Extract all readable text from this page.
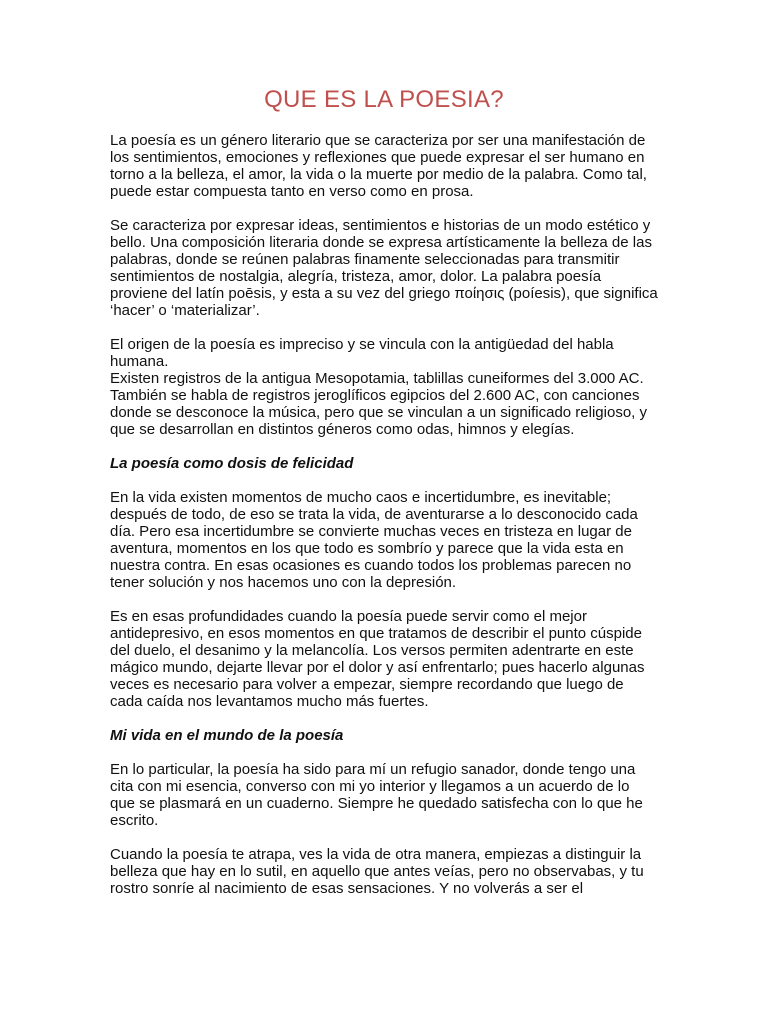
QUE ES LA POESIA?

La poesía es un género literario que se caracteriza por ser una manifestación de los sentimientos, emociones y reflexiones que puede expresar el ser humano en torno a la belleza, el amor, la vida o la muerte por medio de la palabra. Como tal, puede estar compuesta tanto en verso como en prosa.

Se caracteriza por expresar ideas, sentimientos e historias de un modo estético y bello. Una composición literaria donde se expresa artísticamente la belleza de las palabras, donde se reúnen palabras finamente seleccionadas para transmitir sentimientos de nostalgia, alegría, tristeza, amor, dolor. La palabra poesía proviene del latín poēsis, y esta a su vez del griego ποίησις (poíesis), que significa ‘hacer’ o ‘materializar’.

El origen de la poesía es impreciso y se vincula con la antigüedad del habla humana.
Existen registros de la antigua Mesopotamia, tablillas cuneiformes del 3.000 AC.
También se habla de registros jeroglíficos egipcios del 2.600 AC, con canciones donde se desconoce la música, pero que se vinculan a un significado religioso, y que se desarrollan en distintos géneros como odas, himnos y elegías.

La poesía como dosis de felicidad

En la vida existen momentos de mucho caos e incertidumbre, es inevitable; después de todo, de eso se trata la vida, de aventurarse a lo desconocido cada día. Pero esa incertidumbre se convierte muchas veces en tristeza en lugar de aventura, momentos en los que todo es sombrío y parece que la vida esta en nuestra contra. En esas ocasiones es cuando todos los problemas parecen no tener solución y nos hacemos uno con la depresión.

Es en esas profundidades cuando la poesía puede servir como el mejor antidepresivo, en esos momentos en que tratamos de describir el punto cúspide del duelo, el desanimo y la melancolía. Los versos permiten adentrarte en este mágico mundo, dejarte llevar por el dolor y así enfrentarlo; pues hacerlo algunas veces es necesario para volver a empezar, siempre recordando que luego de cada caída nos levantamos mucho más fuertes.

Mi vida en el mundo de la poesía

En lo particular, la poesía ha sido para mí un refugio sanador, donde tengo una cita con mi esencia, converso con mi yo interior y llegamos a un acuerdo de lo que se plasmará en un cuaderno. Siempre he quedado satisfecha con lo que he escrito.

Cuando la poesía te atrapa, ves la vida de otra manera, empiezas a distinguir la belleza que hay en lo sutil, en aquello que antes veías, pero no observabas, y tu rostro sonríe al nacimiento de esas sensaciones. Y no volverás a ser el
